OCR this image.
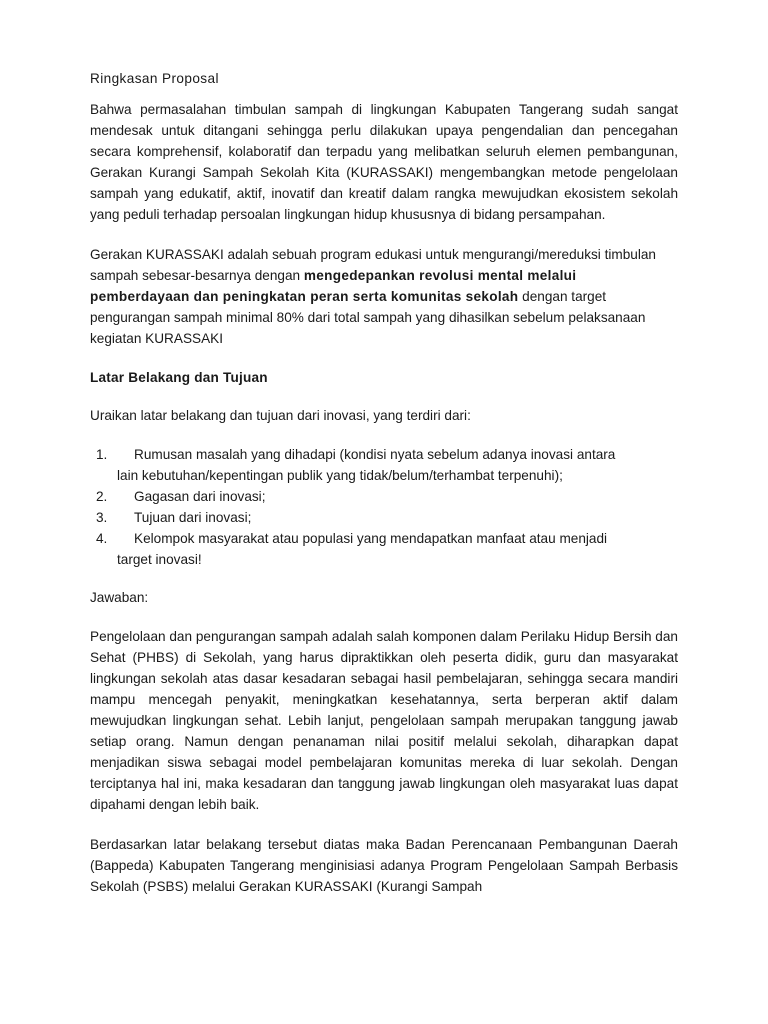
Ringkasan Proposal

Bahwa permasalahan timbulan sampah di lingkungan Kabupaten Tangerang sudah sangat mendesak untuk ditangani sehingga perlu dilakukan upaya pengendalian dan pencegahan secara komprehensif, kolaboratif dan terpadu yang melibatkan seluruh elemen pembangunan, Gerakan Kurangi Sampah Sekolah Kita (KURASSAKI) mengembangkan metode pengelolaan sampah yang edukatif, aktif, inovatif dan kreatif dalam rangka mewujudkan ekosistem sekolah yang peduli terhadap persoalan lingkungan hidup khususnya di bidang persampahan.

Gerakan KURASSAKI adalah sebuah program edukasi untuk mengurangi/mereduksi timbulan sampah sebesar-besarnya dengan mengedepankan revolusi mental melalui pemberdayaan dan peningkatan peran serta komunitas sekolah dengan target pengurangan sampah minimal 80% dari total sampah yang dihasilkan sebelum pelaksanaan kegiatan KURASSAKI

Latar Belakang dan Tujuan

Uraikan latar belakang dan tujuan dari inovasi, yang terdiri dari:

1. Rumusan masalah yang dihadapi (kondisi nyata sebelum adanya inovasi antara
lain kebutuhan/kepentingan publik yang tidak/belum/terhambat terpenuhi);
2. Gagasan dari inovasi;
3. Tujuan dari inovasi;
4. Kelompok masyarakat atau populasi yang mendapatkan manfaat atau menjadi
target inovasi!

Jawaban:

Pengelolaan dan pengurangan sampah adalah salah komponen dalam Perilaku Hidup Bersih dan Sehat (PHBS) di Sekolah, yang harus dipraktikkan oleh peserta didik, guru dan masyarakat lingkungan sekolah atas dasar kesadaran sebagai hasil pembelajaran, sehingga secara mandiri mampu mencegah penyakit, meningkatkan kesehatannya, serta berperan aktif dalam mewujudkan lingkungan sehat. Lebih lanjut, pengelolaan sampah merupakan tanggung jawab setiap orang. Namun dengan penanaman nilai positif melalui sekolah, diharapkan dapat menjadikan siswa sebagai model pembelajaran komunitas mereka di luar sekolah. Dengan terciptanya hal ini, maka kesadaran dan tanggung jawab lingkungan oleh masyarakat luas dapat dipahami dengan lebih baik.

Berdasarkan latar belakang tersebut diatas maka Badan Perencanaan Pembangunan Daerah (Bappeda) Kabupaten Tangerang menginisiasi adanya Program Pengelolaan Sampah Berbasis Sekolah (PSBS) melalui Gerakan KURASSAKI (Kurangi Sampah
